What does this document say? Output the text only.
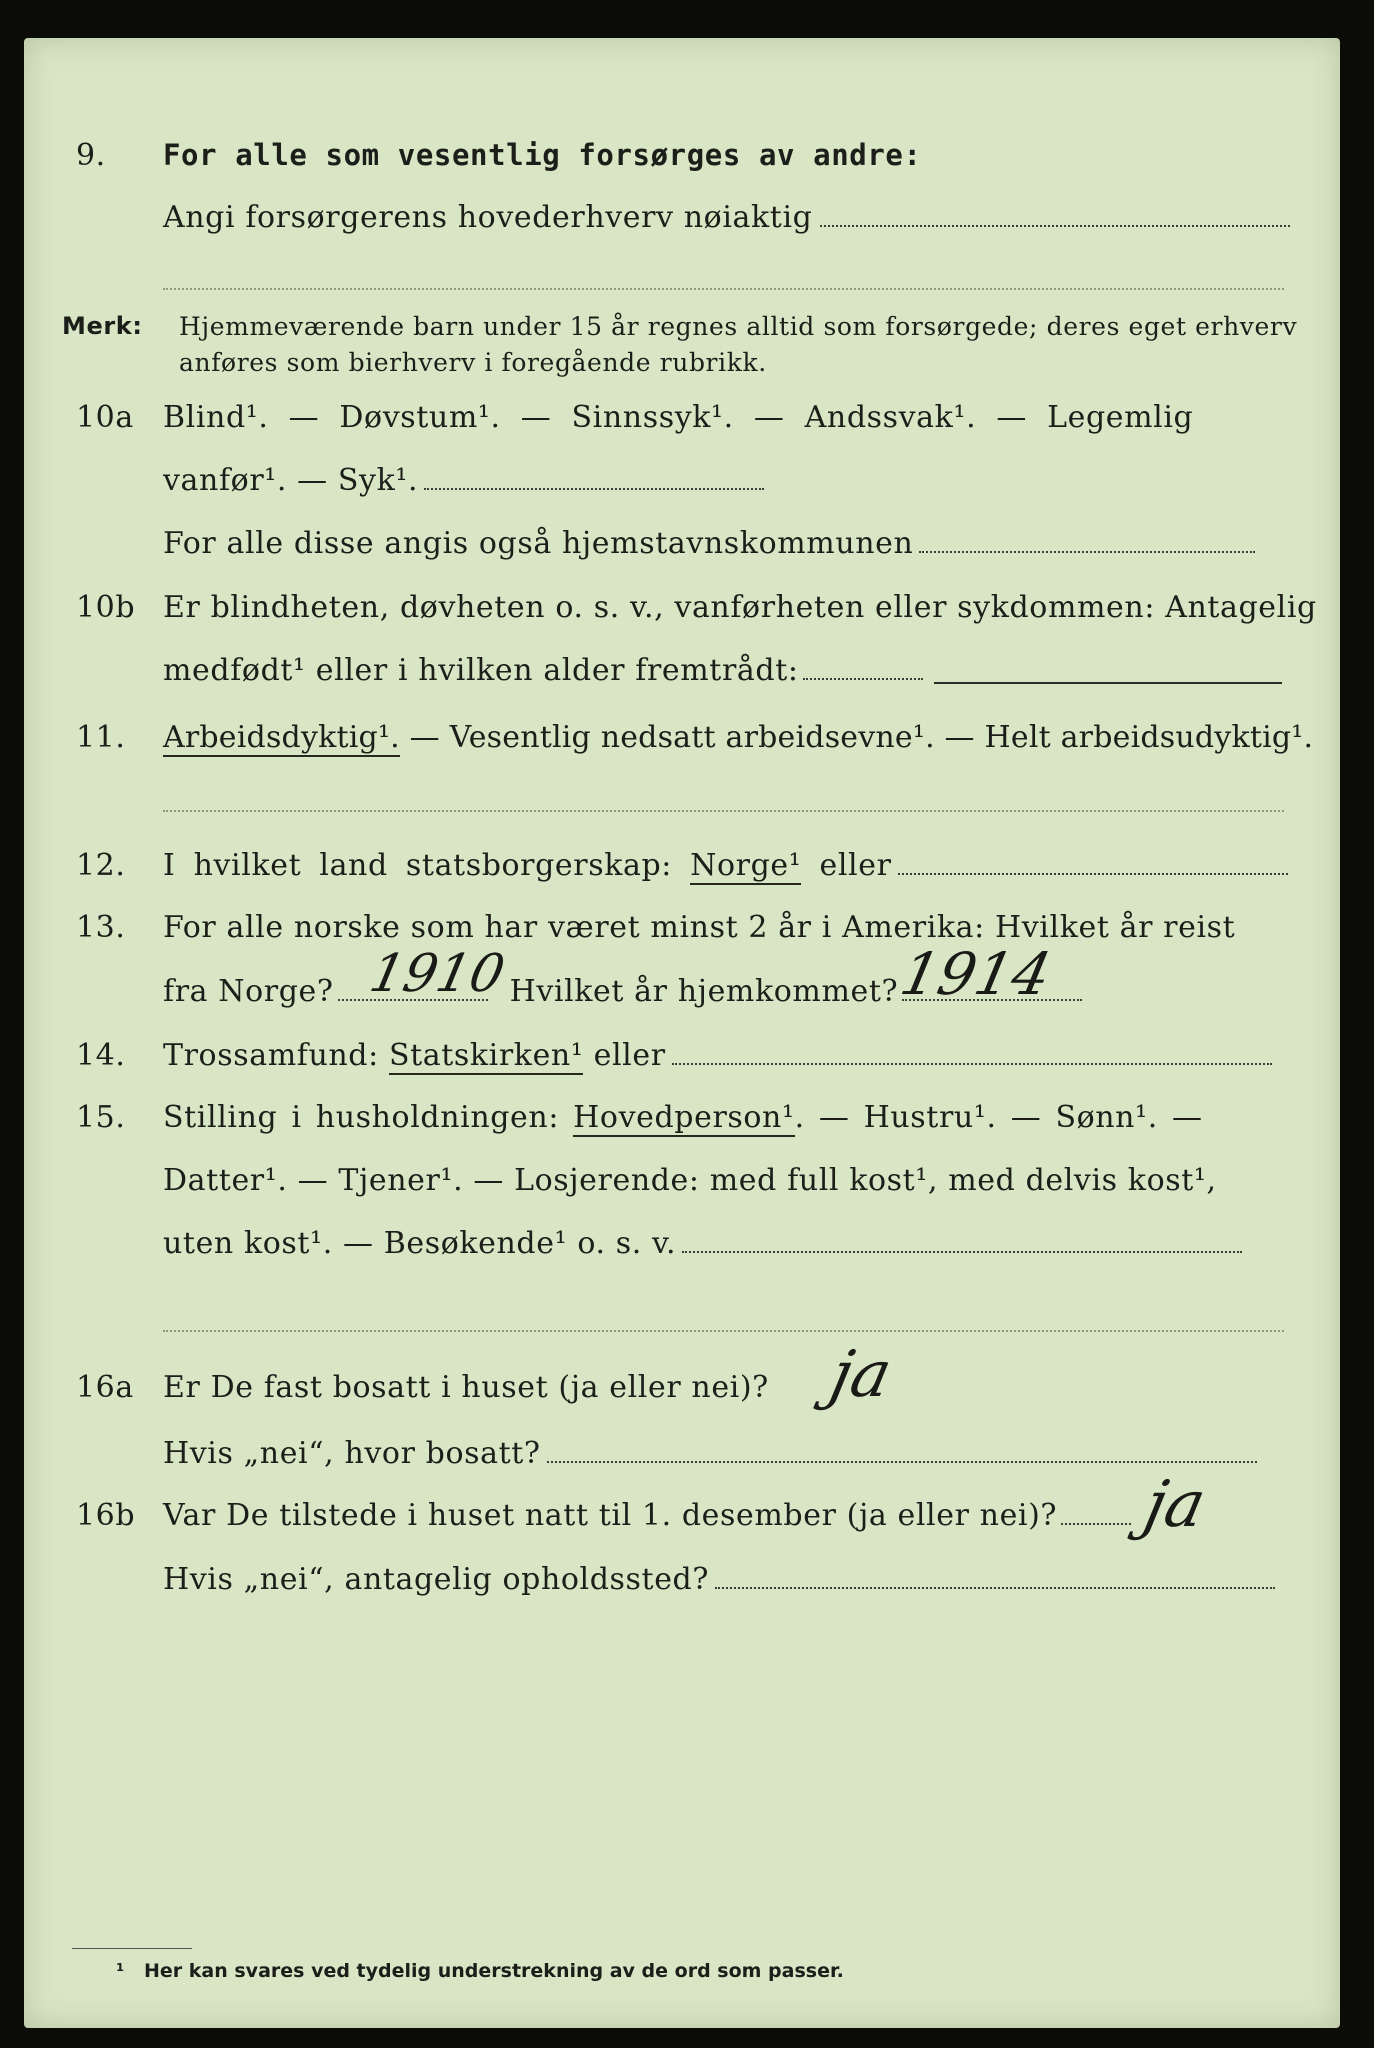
9. For alle som vesentlig forsørges av andre:
Angi forsørgerens hovederhverv nøiaktig
Merk: Hjemmeværende barn under 15 år regnes alltid som forsørgede; deres eget erhverv
anføres som bierhverv i foregående rubrikk.
10a Blind¹. — Døvstum¹. — Sinnssyk¹. — Andssvak¹. — Legemlig
vanfør¹. — Syk¹.
For alle disse angis også hjemstavnskommunen
10b Er blindheten, døvheten o. s. v., vanførheten eller sykdommen: Antagelig
medfødt¹ eller i hvilken alder fremtrådt:
11. Arbeidsdyktig¹. — Vesentlig nedsatt arbeidsevne¹. — Helt arbeidsudyktig¹.
12. I hvilket land statsborgerskap: Norge¹ eller
13. For alle norske som har været minst 2 år i Amerika: Hvilket år reist
fra Norge?	Hvilket år hjemkommet?
1910	1914
14. Trossamfund: Statskirken¹ eller
15. Stilling i husholdningen: Hovedperson¹. — Hustru¹. — Sønn¹. —
Datter¹. — Tjener¹. — Losjerende: med full kost¹, med delvis kost¹,
uten kost¹. — Besøkende¹ o. s. v.
16a Er De fast bosatt i huset (ja eller nei)? ja
Hvis „nei“, hvor bosatt?
16b Var De tilstede i huset natt til 1. desember (ja eller nei)?	ja
Hvis „nei“, antagelig opholdssted?
¹ Her kan svares ved tydelig understrekning av de ord som passer.
